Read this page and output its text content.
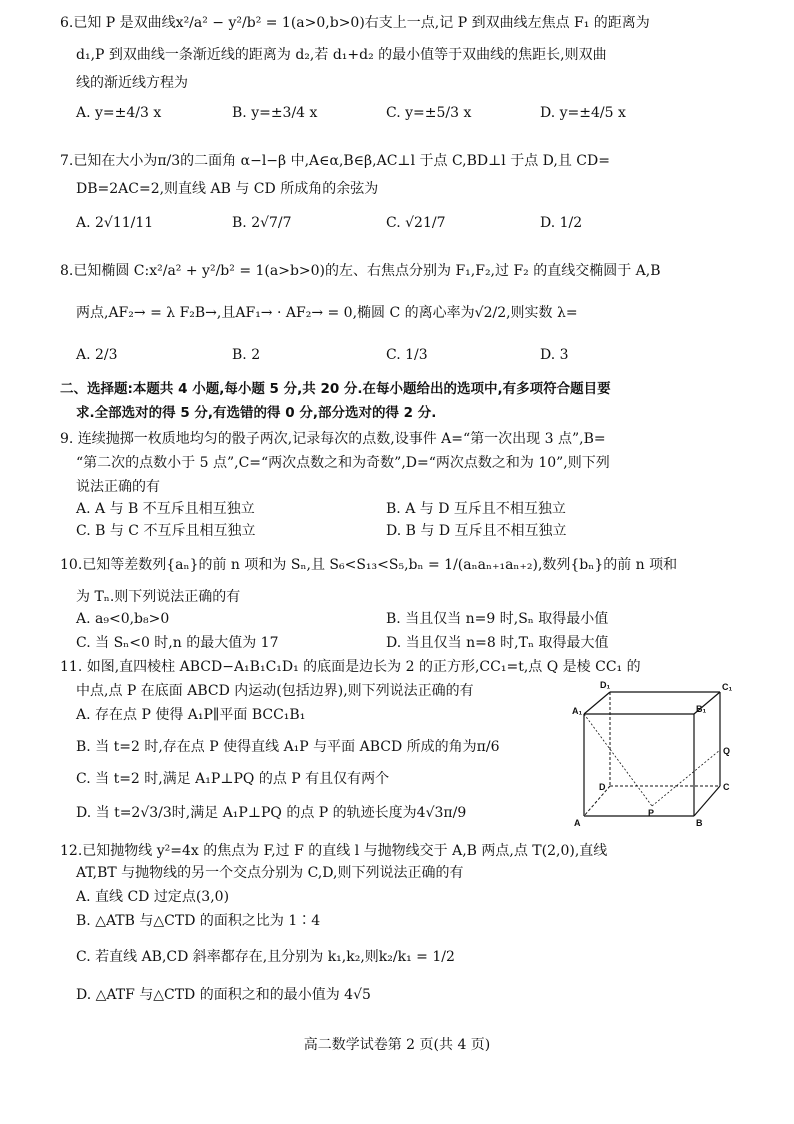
6.已知 P 是双曲线x²/a² − y²/b² = 1(a>0,b>0)右支上一点,记 P 到双曲线左焦点 F₁ 的距离为
d₁,P 到双曲线一条渐近线的距离为 d₂,若 d₁+d₂ 的最小值等于双曲线的焦距长,则双曲
线的渐近线方程为
A. y=±4/3 x	B. y=±3/4 x	C. y=±5/3 x	D. y=±4/5 x
7.已知在大小为π/3的二面角 α−l−β 中,A∈α,B∈β,AC⊥l 于点 C,BD⊥l 于点 D,且 CD=
DB=2AC=2,则直线 AB 与 CD 所成角的余弦为
A. 2√11/11	B. 2√7/7	C. √21/7	D. 1/2
8.已知椭圆 C:x²/a² + y²/b² = 1(a>b>0)的左、右焦点分别为 F₁,F₂,过 F₂ 的直线交椭圆于 A,B
两点,AF₂→ = λ F₂B→,且AF₁→ · AF₂→ = 0,椭圆 C 的离心率为√2/2,则实数 λ=
A. 2/3	B. 2	C. 1/3	D. 3
二、选择题:本题共 4 小题,每小题 5 分,共 20 分.在每小题给出的选项中,有多项符合题目要
求.全部选对的得 5 分,有选错的得 0 分,部分选对的得 2 分.
9. 连续抛掷一枚质地均匀的骰子两次,记录每次的点数,设事件 A=“第一次出现 3 点”,B=
“第二次的点数小于 5 点”,C=“两次点数之和为奇数”,D=“两次点数之和为 10”,则下列
说法正确的有
A. A 与 B 不互斥且相互独立	B. A 与 D 互斥且不相互独立
C. B 与 C 不互斥且相互独立	D. B 与 D 互斥且不相互独立
10.已知等差数列{aₙ}的前 n 项和为 Sₙ,且 S₆<S₁₃<S₅,bₙ = 1/(aₙaₙ₊₁aₙ₊₂),数列{bₙ}的前 n 项和
为 Tₙ.则下列说法正确的有
A. a₉<0,b₈>0	B. 当且仅当 n=9 时,Sₙ 取得最小值
C. 当 Sₙ<0 时,n 的最大值为 17	D. 当且仅当 n=8 时,Tₙ 取得最大值
11. 如图,直四棱柱 ABCD−A₁B₁C₁D₁ 的底面是边长为 2 的正方形,CC₁=t,点 Q 是棱 CC₁ 的
中点,点 P 在底面 ABCD 内运动(包括边界),则下列说法正确的有
A. 存在点 P 使得 A₁P∥平面 BCC₁B₁
B. 当 t=2 时,存在点 P 使得直线 A₁P 与平面 ABCD 所成的角为π/6
C. 当 t=2 时,满足 A₁P⊥PQ 的点 P 有且仅有两个
D. 当 t=2√3/3时,满足 A₁P⊥PQ 的点 P 的轨迹长度为4√3π/9
D₁	C₁
A₁	B₁
Q
D	C
P
A	B
12.已知抛物线 y²=4x 的焦点为 F,过 F 的直线 l 与抛物线交于 A,B 两点,点 T(2,0),直线
AT,BT 与抛物线的另一个交点分别为 C,D,则下列说法正确的有
A. 直线 CD 过定点(3,0)
B. △ATB 与△CTD 的面积之比为 1∶4
C. 若直线 AB,CD 斜率都存在,且分别为 k₁,k₂,则k₂/k₁ = 1/2
D. △ATF 与△CTD 的面积之和的最小值为 4√5
高二数学试卷第 2 页(共 4 页)
